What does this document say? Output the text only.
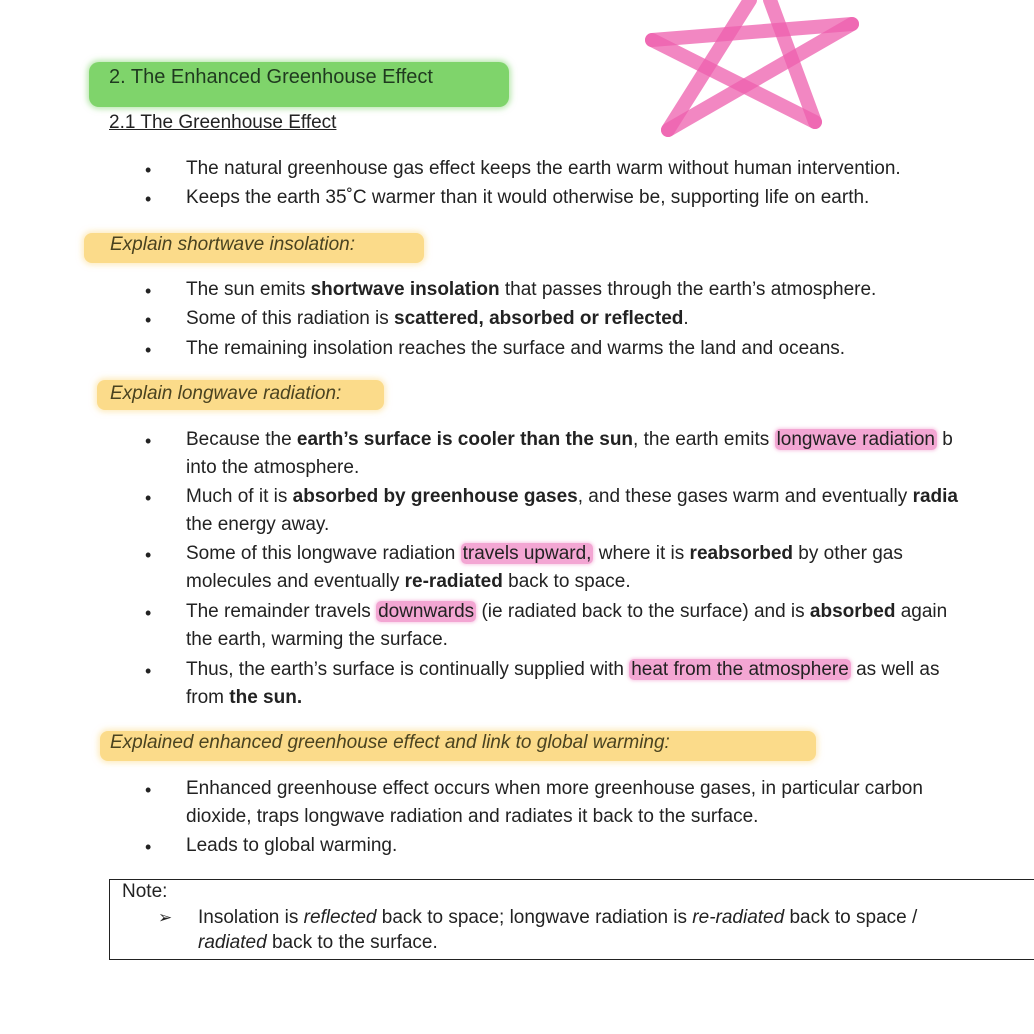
2. The Enhanced Greenhouse Effect
2.1 The Greenhouse Effect
• The natural greenhouse gas effect keeps the earth warm without human intervention.
• Keeps the earth 35˚C warmer than it would otherwise be, supporting life on earth.
Explain shortwave insolation:
• The sun emits shortwave insolation that passes through the earth’s atmosphere.
• Some of this radiation is scattered, absorbed or reflected.
• The remaining insolation reaches the surface and warms the land and oceans.
Explain longwave radiation:
• Because the earth’s surface is cooler than the sun, the earth emits longwave radiation b
into the atmosphere.
• Much of it is absorbed by greenhouse gases, and these gases warm and eventually radia
the energy away.
• Some of this longwave radiation travels upward, where it is reabsorbed by other gas
molecules and eventually re-radiated back to space.
• The remainder travels downwards (ie radiated back to the surface) and is absorbed again
the earth, warming the surface.
• Thus, the earth’s surface is continually supplied with heat from the atmosphere as well as
from the sun.
Explained enhanced greenhouse effect and link to global warming:
• Enhanced greenhouse effect occurs when more greenhouse gases, in particular carbon
dioxide, traps longwave radiation and radiates it back to the surface.
• Leads to global warming.
Note:
➢ Insolation is reflected back to space; longwave radiation is re-radiated back to space /
radiated back to the surface.
